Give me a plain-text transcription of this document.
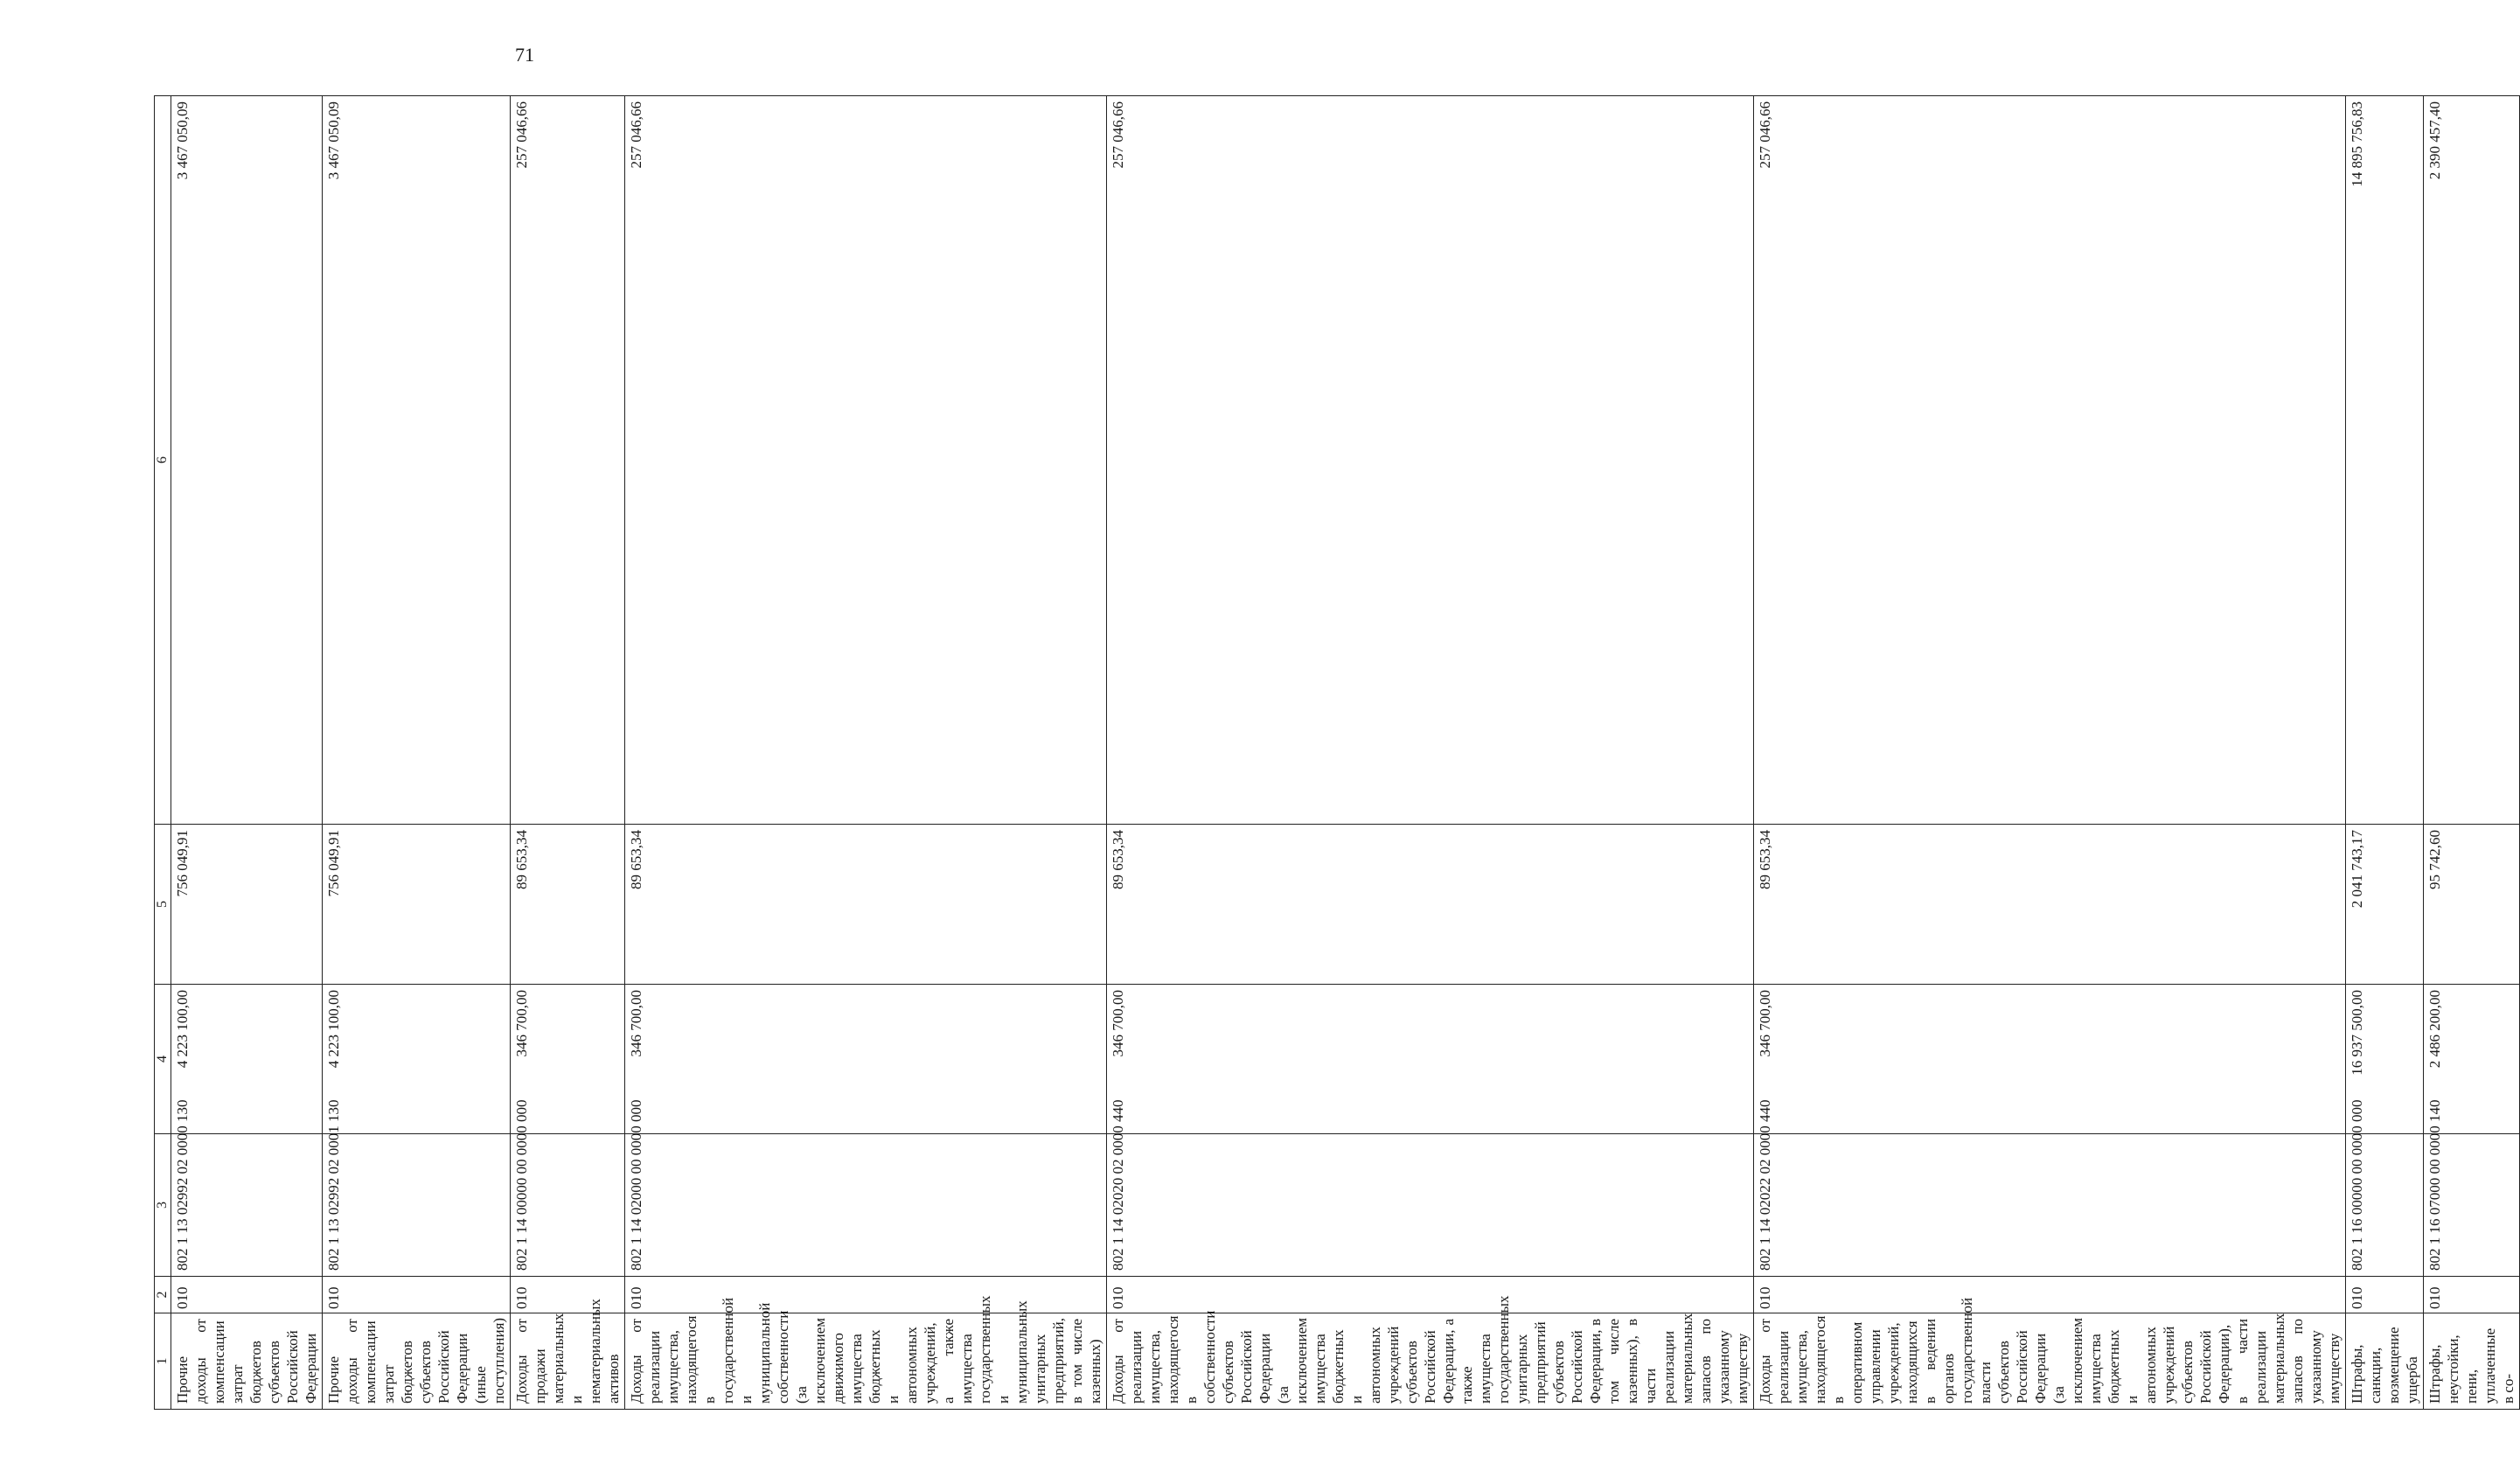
71
1	2	3	4	5	6
Прочие доходы от компенсации затрат бюджетов субъектов Российской Федерации	010	802 1 13 02992 02 0000 130	4 223 100,00	756 049,91	3 467 050,09
Прочие доходы от компенсации затрат бюджетов субъектов Российской Федерации (иные поступления)	010	802 1 13 02992 02 0001 130	4 223 100,00	756 049,91	3 467 050,09
Доходы от продажи материальных и нематериальных активов	010	802 1 14 00000 00 0000 000	346 700,00	89 653,34	257 046,66
Доходы от реализации имущества, находящегося в государственной и муниципальной собственности (за исключением движимого имущества бюджетных и автономных учреждений, а также имущества государственных и муниципальных унитарных предприятий, в том числе казенных)	010	802 1 14 02000 00 0000 000	346 700,00	89 653,34	257 046,66
Доходы от реализации имущества, находящегося в собственности субъектов Российской Федерации (за исключением имущества бюджетных и автономных учреждений субъектов Российской Федерации, а также имущества государственных унитарных предприятий субъектов Российской Федерации, в том числе казенных), в части реализации материальных запасов по указанному имуществу	010	802 1 14 02020 02 0000 440	346 700,00	89 653,34	257 046,66
Доходы от реализации имущества, находящегося в оперативном управлении учреждений, находящихся в ведении органов государственной власти субъектов Российской Федерации (за исключением имущества бюджетных и автономных учреждений субъектов Российской Федерации), в части реализации материальных запасов по указанному имуществу	010	802 1 14 02022 02 0000 440	346 700,00	89 653,34	257 046,66
Штрафы, санкции, возмещение ущерба	010	802 1 16 00000 00 0000 000	16 937 500,00	2 041 743,17	14 895 756,83
Штрафы, неустойки, пени, уплаченные в со-	010	802 1 16 07000 00 0000 140	2 486 200,00	95 742,60	2 390 457,40
